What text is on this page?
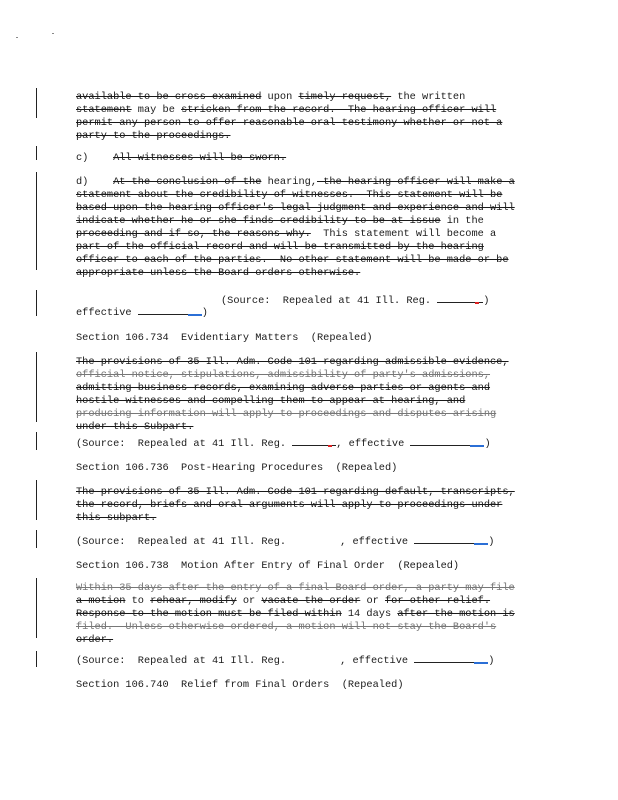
available to be cross examined upon timely request, the written
statement may be stricken from the record.  The hearing officer will
permit any person to offer reasonable oral testimony whether or not a
party to the proceedings.
c) All witnesses will be sworn.
d) At the conclusion of the hearing, the hearing officer will make a
statement about the credibility of witnesses.  This statement will be
based upon the hearing officer's legal judgment and experience and will
indicate whether he or she finds credibility to be at issue in the
proceeding and if so, the reasons why.  This statement will become a
part of the official record and will be transmitted by the hearing
officer to each of the parties.  No other statement will be made or be
appropriate unless the Board orders otherwise.
(Source:  Repealed at 41 Ill. Reg.	)
effective	)
Section 106.734  Evidentiary Matters  (Repealed)
The provisions of 35 Ill. Adm. Code 101 regarding admissible evidence,
official notice, stipulations, admissibility of party's admissions,
admitting business records, examining adverse parties or agents and
hostile witnesses and compelling them to appear at hearing, and
producing information will apply to proceedings and disputes arising
under this Subpart.
(Source:  Repealed at 41 Ill. Reg.	, effective	)
Section 106.736  Post-Hearing Procedures  (Repealed)
The provisions of 35 Ill. Adm. Code 101 regarding default, transcripts,
the record, briefs and oral arguments will apply to proceedings under
this subpart.
(Source:  Repealed at 41 Ill. Reg.	, effective	)
Section 106.738  Motion After Entry of Final Order  (Repealed)
Within 35 days after the entry of a final Board order, a party may file
a motion to rehear, modify or vacate the order or for other relief.
Response to the motion must be filed within 14 days after the motion is
filed.  Unless otherwise ordered, a motion will not stay the Board's
order.
(Source:  Repealed at 41 Ill. Reg.	, effective	)
Section 106.740  Relief from Final Orders  (Repealed)
